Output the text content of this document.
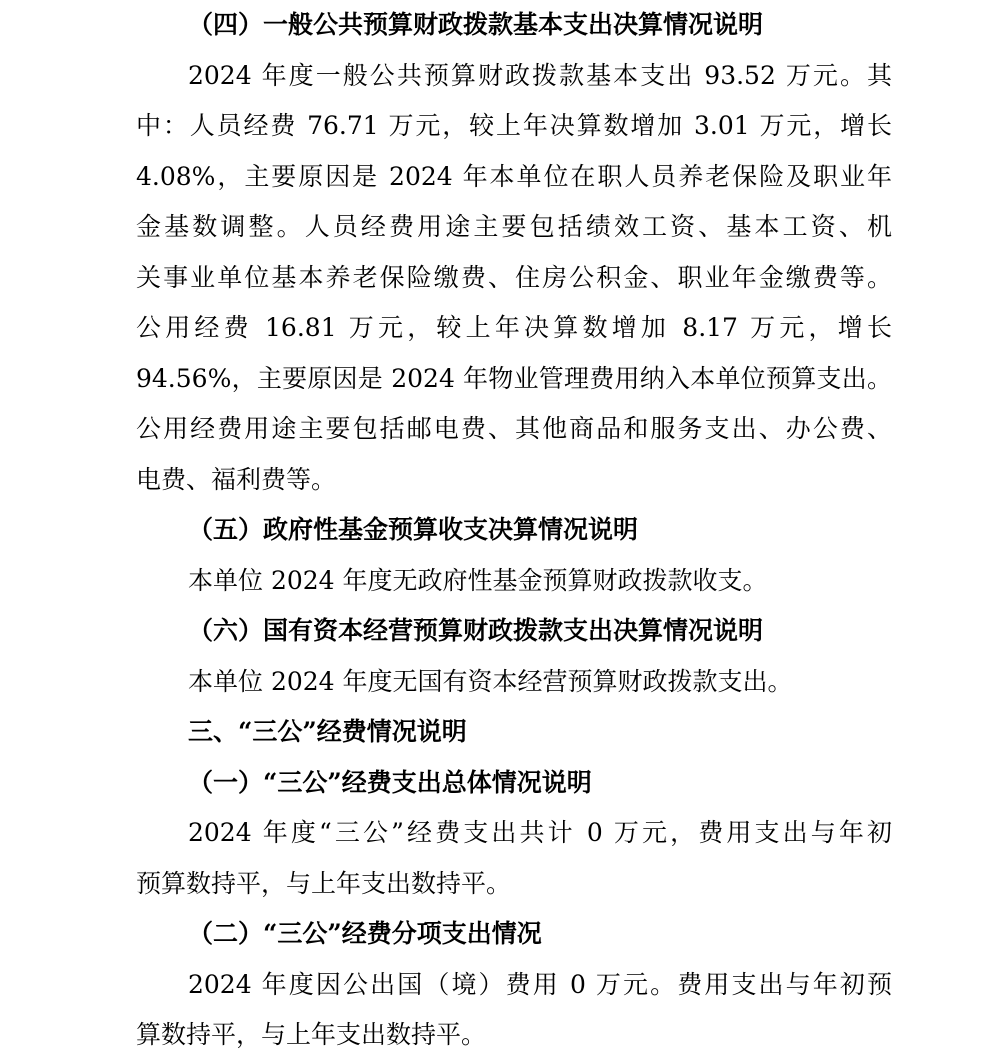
（四）一般公共预算财政拨款基本支出决算情况说明
2024 年度一般公共预算财政拨款基本支出 93.52 万元。其
中：人员经费 76.71 万元，较上年决算数增加 3.01 万元，增长
4.08%，主要原因是 2024 年本单位在职人员养老保险及职业年
金基数调整。人员经费用途主要包括绩效工资、基本工资、机
关事业单位基本养老保险缴费、住房公积金、职业年金缴费等。
公用经费 16.81 万元，较上年决算数增加 8.17 万元，增长
94.56%，主要原因是 2024 年物业管理费用纳入本单位预算支出。
公用经费用途主要包括邮电费、其他商品和服务支出、办公费、
电费、福利费等。
（五）政府性基金预算收支决算情况说明
本单位 2024 年度无政府性基金预算财政拨款收支。
（六）国有资本经营预算财政拨款支出决算情况说明
本单位 2024 年度无国有资本经营预算财政拨款支出。
三、“三公”经费情况说明
（一）“三公”经费支出总体情况说明
2024 年度“三公”经费支出共计 0 万元，费用支出与年初
预算数持平，与上年支出数持平。
（二）“三公”经费分项支出情况
2024 年度因公出国（境）费用 0 万元。费用支出与年初预
算数持平，与上年支出数持平。
